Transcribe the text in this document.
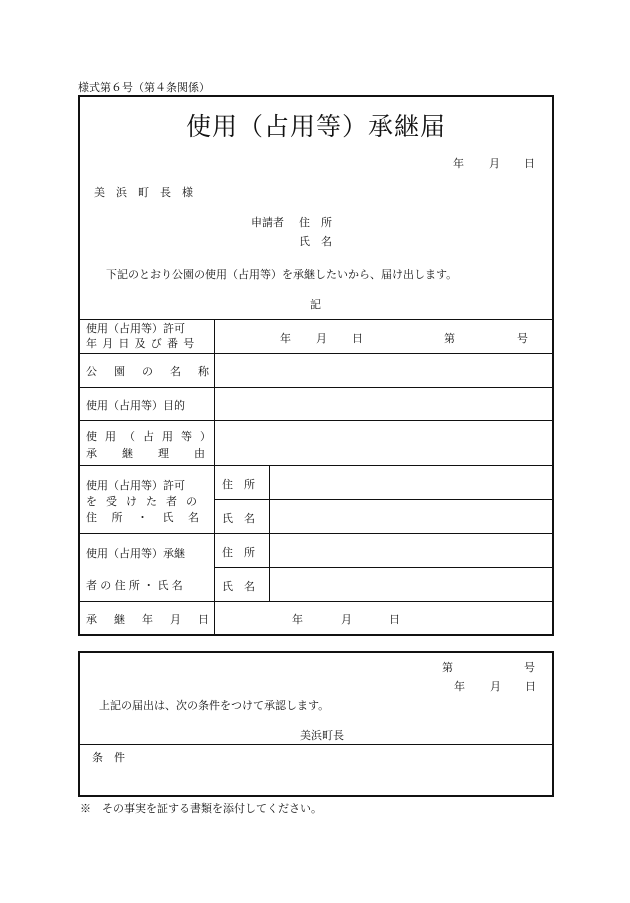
様式第６号（第４条関係）
使用（占用等）承継届
年 月 日
美　浜　町　長　様
申請者 住　所
氏　名
下記のとおり公園の使用（占用等）を承継したいから、届け出します。
記
使用（占用等）許可
年月日及び番号	年 月 日	第	号
公園の名称
使用（占用等）目的
使用（占用等）
承継理由
使用（占用等）許可
を受けた者の
住所・氏名
住　所
氏　名
使用（占用等）承継
者の住所・氏名
住　所
氏　名
承継年月日	年	月	日
第	号
年 月 日
上記の届出は、次の条件をつけて承認します。
美浜町長
条　件
※　その事実を証する書類を添付してください。
